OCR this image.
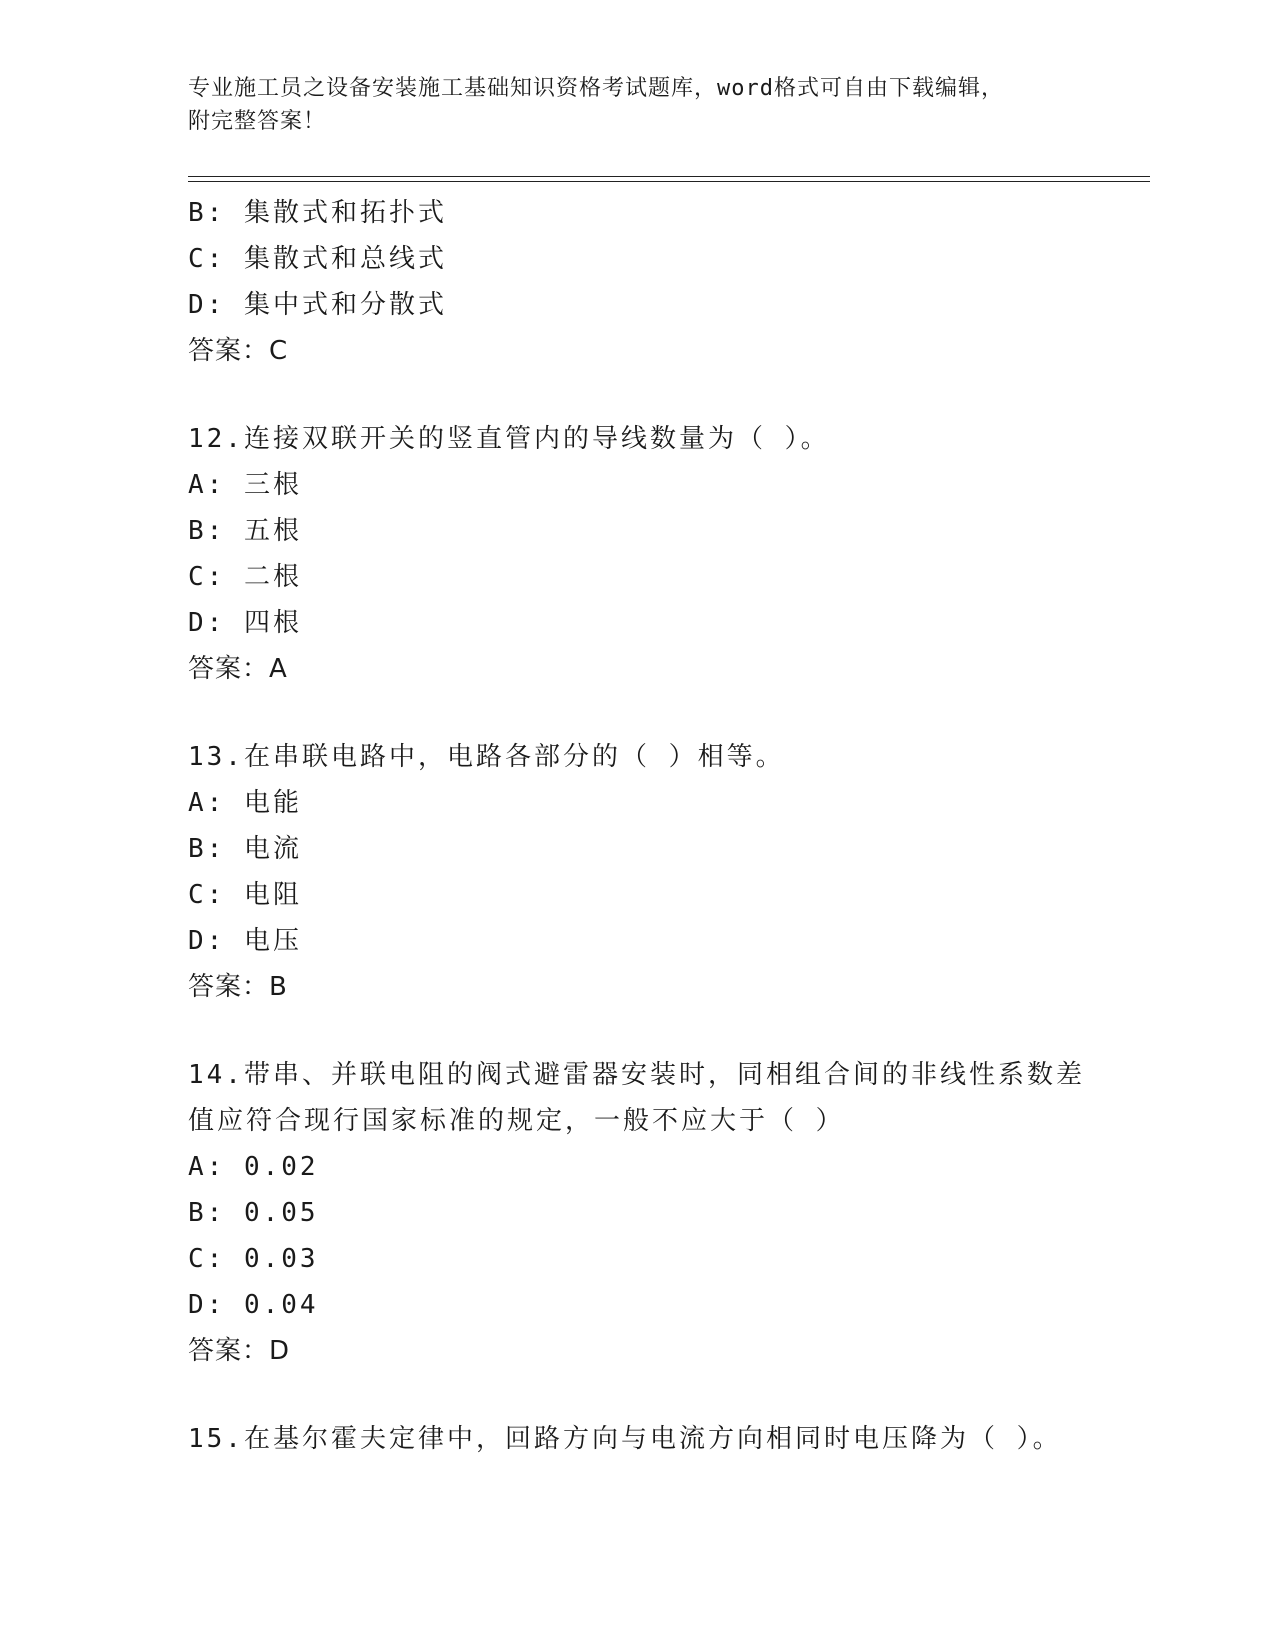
专业施工员之设备安装施工基础知识资格考试题库，word格式可自由下载编辑，
附完整答案！
B: 集散式和拓扑式
C: 集散式和总线式
D: 集中式和分散式
答案：C
12.连接双联开关的竖直管内的导线数量为（ ）。
A: 三根
B: 五根
C: 二根
D: 四根
答案：A
13.在串联电路中，电路各部分的（ ）相等。
A: 电能
B: 电流
C: 电阻
D: 电压
答案：B
14.带串、并联电阻的阀式避雷器安装时，同相组合间的非线性系数差
值应符合现行国家标准的规定，一般不应大于（ ）
A: 0.02
B: 0.05
C: 0.03
D: 0.04
答案：D
15.在基尔霍夫定律中，回路方向与电流方向相同时电压降为（ ）。
